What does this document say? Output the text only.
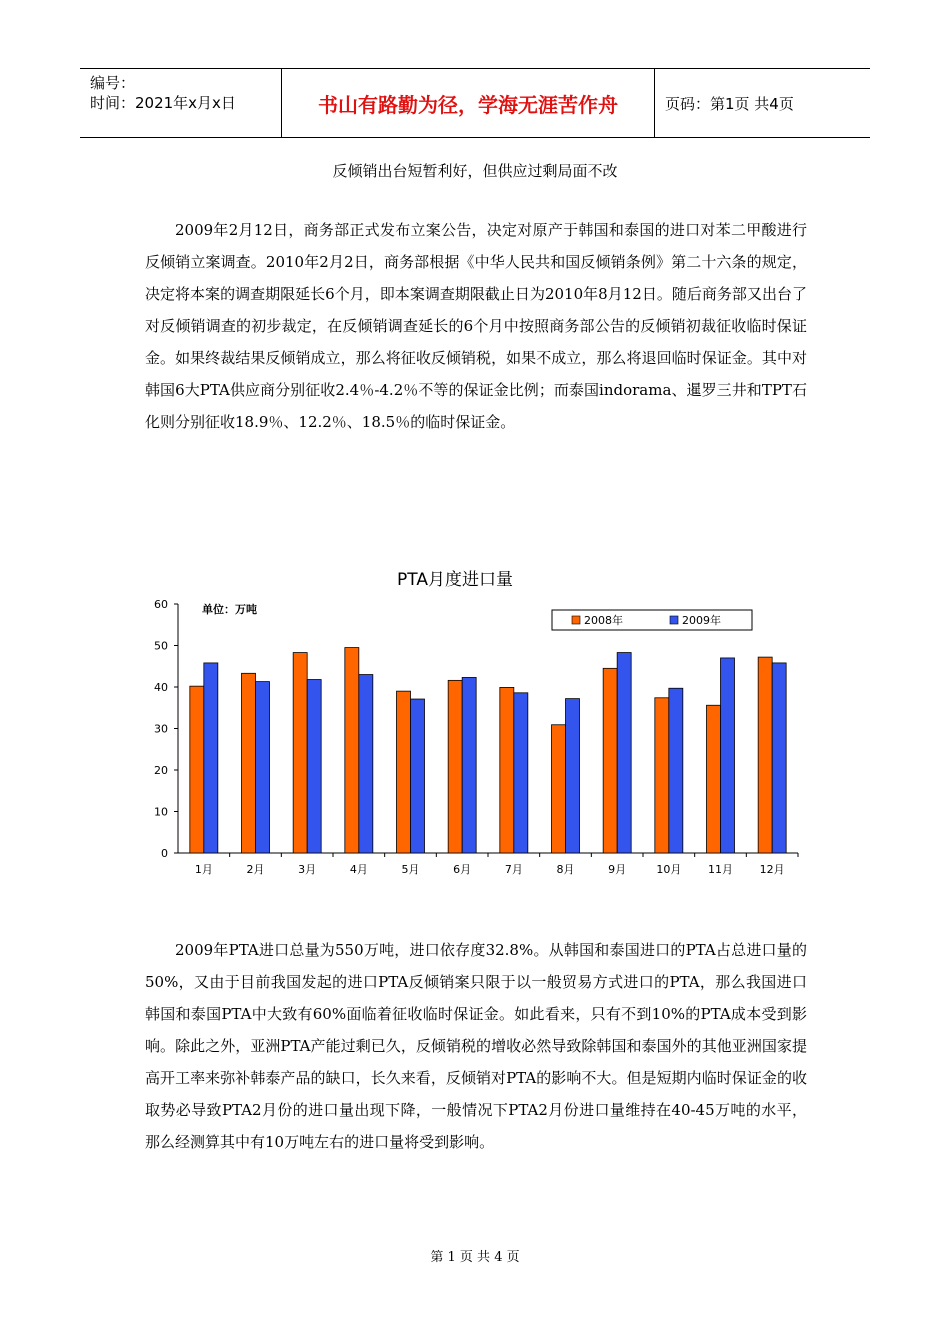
编号：
时间：2021年x月x日	书山有路勤为径，学海无涯苦作舟	页码：第1页 共4页
反倾销出台短暂利好，但供应过剩局面不改

2009年2月12日，商务部正式发布立案公告，决定对原产于韩国和泰国的进口对苯二甲酸进行反倾销立案调查。2010年2月2日，商务部根据《中华人民共和国反倾销条例》第二十六条的规定，决定将本案的调查期限延长6个月，即本案调查期限截止日为2010年8月12日。随后商务部又出台了对反倾销调查的初步裁定，在反倾销调查延长的6个月中按照商务部公告的反倾销初裁征收临时保证金。如果终裁结果反倾销成立，那么将征收反倾销税，如果不成立，那么将退回临时保证金。其中对韩国6大PTA供应商分别征收2.4％-4.2％不等的保证金比例；而泰国indorama、暹罗三井和TPT石化则分别征收18.9％、12.2％、18.5％的临时保证金。

PTA月度进口量
0
10
20
30
40
50
60	单位：万吨
1月	2月	3月	4月	5月	6月	7月	8月	9月	10月 11月 12月
2008年	2009年

2009年PTA进口总量为550万吨，进口依存度32.8%。从韩国和泰国进口的PTA占总进口量的50%，又由于目前我国发起的进口PTA反倾销案只限于以一般贸易方式进口的PTA，那么我国进口韩国和泰国PTA中大致有60%面临着征收临时保证金。如此看来，只有不到10%的PTA成本受到影响。除此之外，亚洲PTA产能过剩已久，反倾销税的增收必然导致除韩国和泰国外的其他亚洲国家提高开工率来弥补韩泰产品的缺口，长久来看，反倾销对PTA的影响不大。但是短期内临时保证金的收取势必导致PTA2月份的进口量出现下降，一般情况下PTA2月份进口量维持在40-45万吨的水平，那么经测算其中有10万吨左右的进口量将受到影响。

第 1 页 共 4 页
